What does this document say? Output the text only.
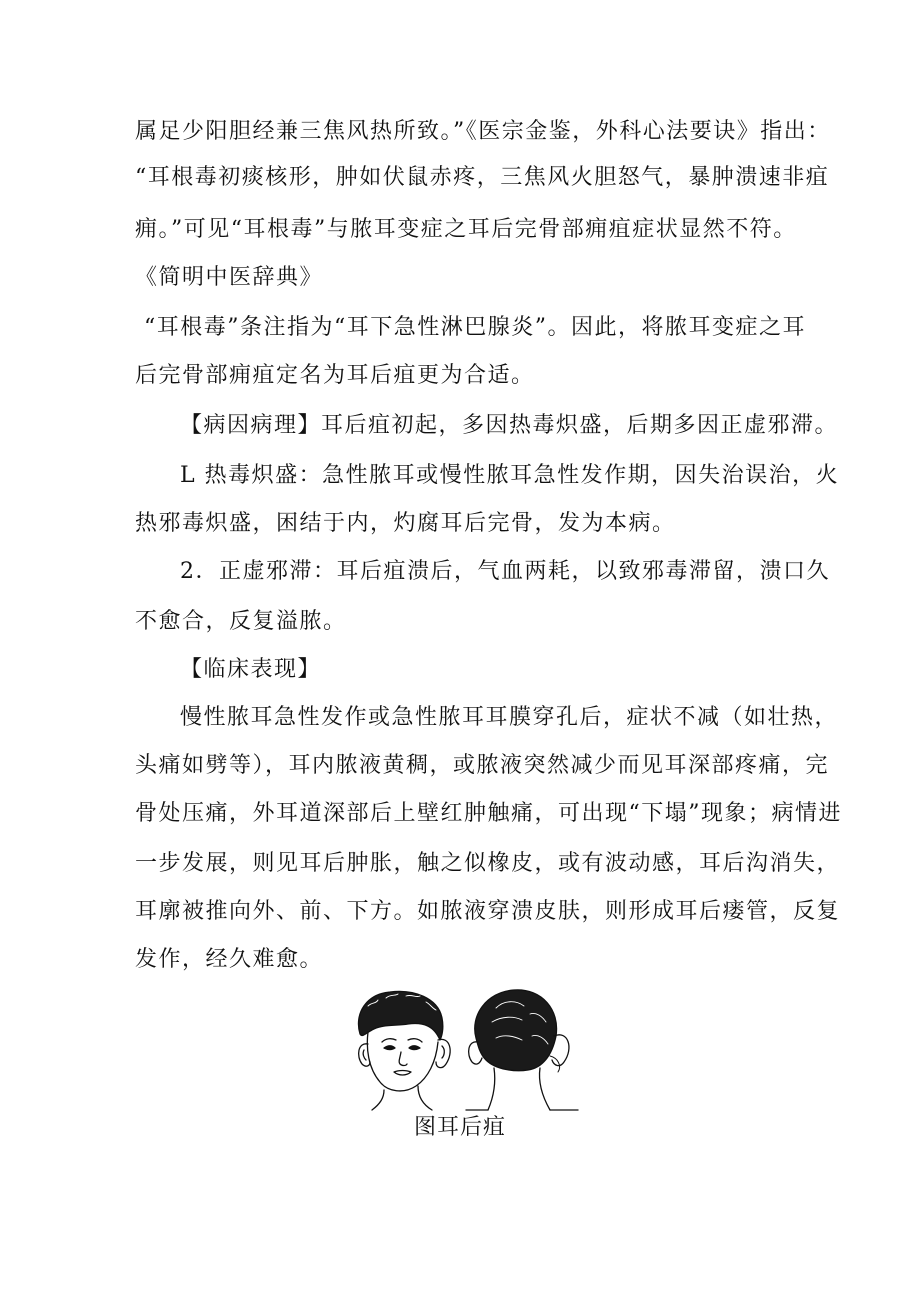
属足少阳胆经兼三焦风热所致。”《医宗金鉴，外科心法要诀》指出：
“耳根毒初痰核形，肿如伏鼠赤疼，三焦风火胆怒气，暴肿溃速非疽
痈。”可见“耳根毒”与脓耳变症之耳后完骨部痈疽症状显然不符。
《简明中医辞典》
“耳根毒”条注指为“耳下急性淋巴腺炎”。因此，将脓耳变症之耳
后完骨部痈疽定名为耳后疽更为合适。
【病因病理】耳后疽初起，多因热毒炽盛，后期多因正虚邪滞。
L 热毒炽盛：急性脓耳或慢性脓耳急性发作期，因失治误治，火
热邪毒炽盛，困结于内，灼腐耳后完骨，发为本病。
2．正虚邪滞：耳后疽溃后，气血两耗，以致邪毒滞留，溃口久
不愈合，反复溢脓。
【临床表现】
慢性脓耳急性发作或急性脓耳耳膜穿孔后，症状不减（如壮热，
头痛如劈等），耳内脓液黄稠，或脓液突然减少而见耳深部疼痛，完
骨处压痛，外耳道深部后上壁红肿触痛，可出现“下塌”现象；病情进
一步发展，则见耳后肿胀，触之似橡皮，或有波动感，耳后沟消失，
耳廓被推向外、前、下方。如脓液穿溃皮肤，则形成耳后瘘管，反复
发作，经久难愈。
图耳后疽
